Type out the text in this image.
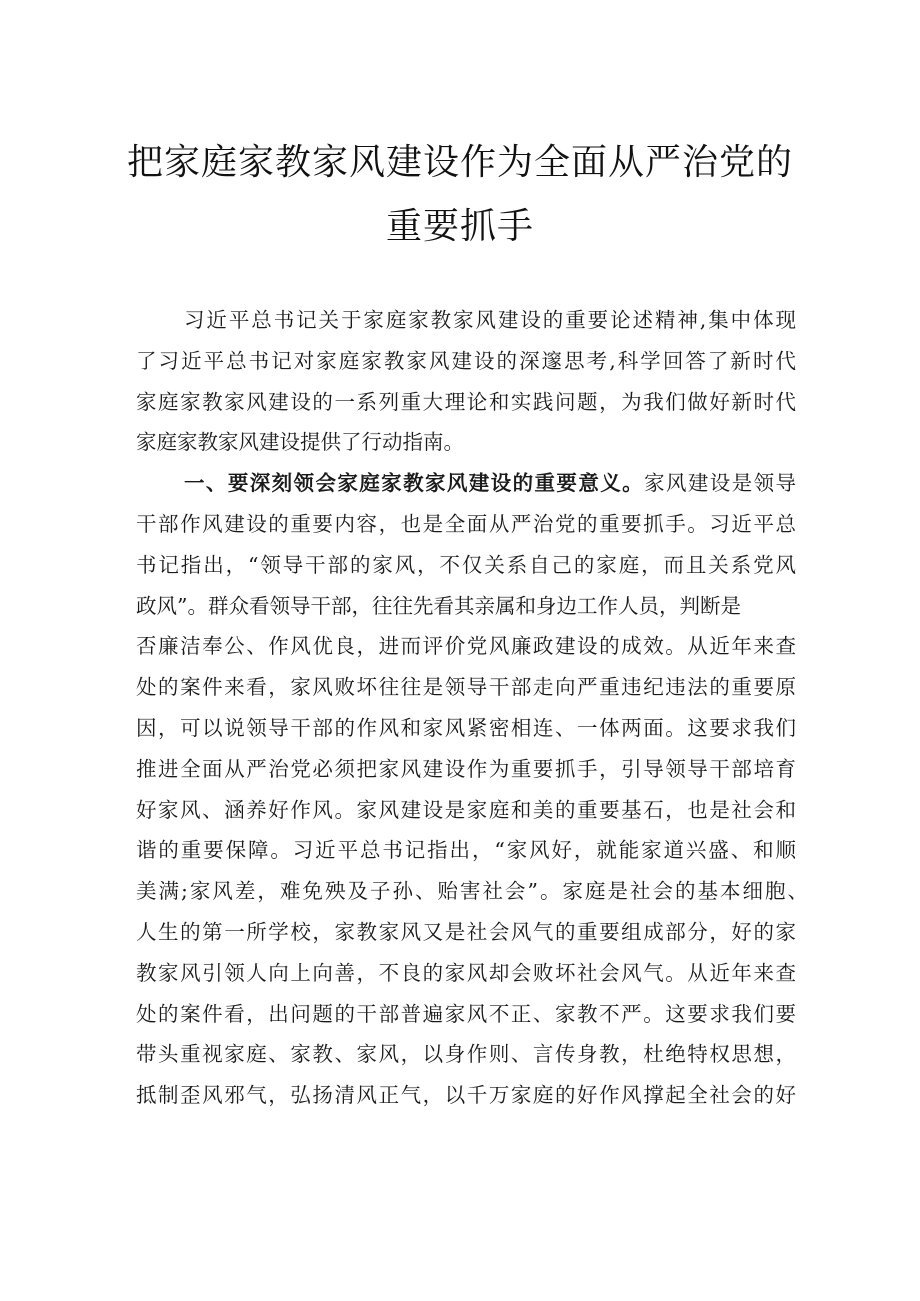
把家庭家教家风建设作为全面从严治党的
重要抓手
习近平总书记关于家庭家教家风建设的重要论述精神,集中体现
了习近平总书记对家庭家教家风建设的深邃思考,科学回答了新时代
家庭家教家风建设的一系列重大理论和实践问题，为我们做好新时代
家庭家教家风建设提供了行动指南。
一、要深刻领会家庭家教家风建设的重要意义。家风建设是领导
干部作风建设的重要内容，也是全面从严治党的重要抓手。习近平总
书记指出，“领导干部的家风，不仅关系自己的家庭，而且关系党风
政风”。群众看领导干部，往往先看其亲属和身边工作人员，判断是
否廉洁奉公、作风优良，进而评价党风廉政建设的成效。从近年来查
处的案件来看，家风败坏往往是领导干部走向严重违纪违法的重要原
因，可以说领导干部的作风和家风紧密相连、一体两面。这要求我们
推进全面从严治党必须把家风建设作为重要抓手，引导领导干部培育
好家风、涵养好作风。家风建设是家庭和美的重要基石，也是社会和
谐的重要保障。习近平总书记指出，“家风好，就能家道兴盛、和顺
美满;家风差，难免殃及子孙、贻害社会”。家庭是社会的基本细胞、
人生的第一所学校，家教家风又是社会风气的重要组成部分，好的家
教家风引领人向上向善，不良的家风却会败坏社会风气。从近年来查
处的案件看，出问题的干部普遍家风不正、家教不严。这要求我们要
带头重视家庭、家教、家风，以身作则、言传身教，杜绝特权思想，
抵制歪风邪气，弘扬清风正气，以千万家庭的好作风撑起全社会的好
